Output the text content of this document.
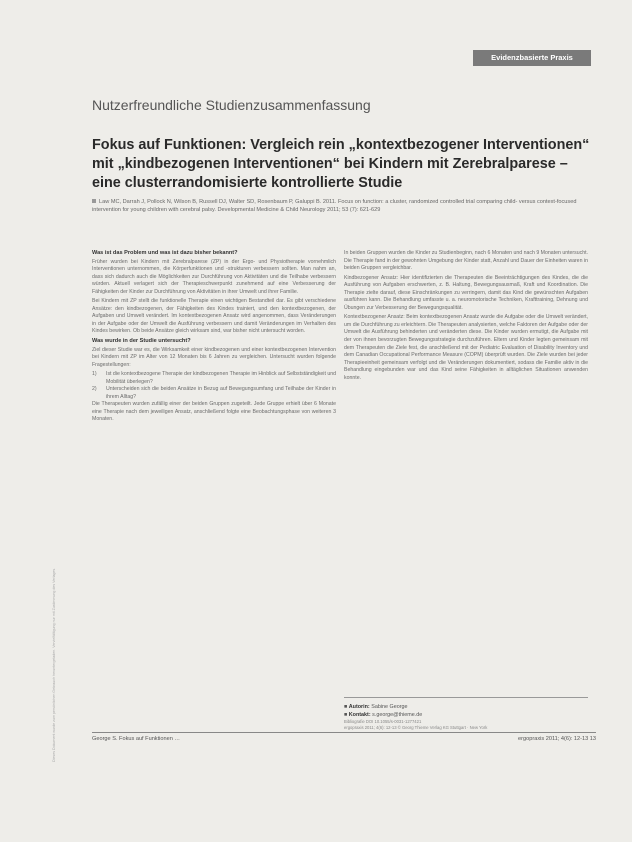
Evidenzbasierte Praxis
Dieses Dokument wurde zum persönlichen Gebrauch heruntergeladen. Vervielfältigung nur mit Zustimmung des Verlages.
Nutzerfreundliche Studienzusammenfassung
Fokus auf Funktionen: Vergleich rein „kontextbezogener Interventionen“ mit „kindbezogenen Interventionen“ bei Kindern mit Zerebralparese – eine clusterrandomisierte kontrollierte Studie
Law MC, Darrah J, Pollock N, Wilson B, Russell DJ, Walter SD, Rosenbaum P, Galuppi B. 2011. Focus on function: a cluster, randomized controlled trial comparing child- versus context-focused intervention for young children with cerebral palsy. Developmental Medicine & Child Neurology 2011; 53 (7): 621-629
Was ist das Problem und was ist dazu bisher bekannt?

Früher wurden bei Kindern mit Zerebralparese (ZP) in der Ergo- und Physiotherapie vornehmlich Interventionen unternommen, die Körperfunktionen und -strukturen verbessern sollten. Man nahm an, dass sich dadurch auch die Möglichkeiten zur Durchführung von Aktivitäten und die Teilhabe verbessern würden. Aktuell verlagert sich der Therapieschwerpunkt zunehmend auf eine Verbesserung der Fähigkeiten der Kinder zur Durchführung von Aktivitäten in ihrer Umwelt und ihrer Familie.

Bei Kindern mit ZP stellt die funktionelle Therapie einen wichtigen Bestandteil dar. Es gibt verschiedene Ansätze: den kindbezogenen, der Fähigkeiten des Kindes trainiert, und den kontextbezogenen, der Aufgaben und Umwelt verändert. Im kontextbezogenen Ansatz wird angenommen, dass Veränderungen in der Aufgabe oder der Umwelt die Ausführung verbessern und damit Veränderungen im Verhalten des Kindes bewirken. Ob beide Ansätze gleich wirksam sind, war bisher nicht untersucht worden.

Was wurde in der Studie untersucht?

Ziel dieser Studie war es, die Wirksamkeit einer kindbezogenen und einer kontextbezogenen Intervention bei Kindern mit ZP im Alter von 12 Monaten bis 6 Jahren zu vergleichen. Untersucht wurden folgende Fragestellungen:

1)	Ist die kontextbezogene Therapie der kindbezogenen Therapie im Hinblick auf Selbstständigkeit und Mobilität überlegen?
2)	Unterscheiden sich die beiden Ansätze in Bezug auf Bewegungsumfang und Teilhabe der Kinder in ihrem Alltag?

Die Therapeuten wurden zufällig einer der beiden Gruppen zugeteilt. Jede Gruppe erhielt über 6 Monate eine Therapie nach dem jeweiligen Ansatz, anschließend folgte eine Beobachtungsphase von weiteren 3 Monaten.

In beiden Gruppen wurden die Kinder zu Studienbeginn, nach 6 Monaten und nach 9 Monaten untersucht. Die Therapie fand in der gewohnten Umgebung der Kinder statt, Anzahl und Dauer der Einheiten waren in beiden Gruppen vergleichbar.

Kindbezogener Ansatz: Hier identifizierten die Therapeuten die Beeinträchtigungen des Kindes, die die Ausführung von Aufgaben erschwerten, z. B. Haltung, Bewegungsausmaß, Kraft und Koordination. Die Therapie zielte darauf, diese Einschränkungen zu verringern, damit das Kind die gewünschten Aufgaben ausführen kann. Die Behandlung umfasste u. a. neuromotorische Techniken, Krafttraining, Dehnung und Übungen zur Verbesserung der Bewegungsqualität.

Kontextbezogener Ansatz: Beim kontextbezogenen Ansatz wurde die Aufgabe oder die Umwelt verändert, um die Durchführung zu erleichtern. Die Therapeuten analysierten, welche Faktoren der Aufgabe oder der Umwelt die Ausführung behinderten und veränderten diese. Die Kinder wurden ermutigt, die Aufgabe mit der von ihnen bevorzugten Bewegungsstrategie durchzuführen. Eltern und Kinder legten gemeinsam mit dem Therapeuten die Ziele fest, die anschließend mit der Pediatric Evaluation of Disability Inventory und dem Canadian Occupational Performance Measure (COPM) überprüft wurden. Die Ziele wurden bei jeder Therapieeinheit gemeinsam verfolgt und die Veränderungen dokumentiert, sodass die Familie aktiv in die Behandlung eingebunden war und das Kind seine Fähigkeiten in alltäglichen Situationen anwenden konnte.

■ Autorin: Sabine George
■ Kontakt: s.george@thieme.de
Bibliografie DOI 10.1055/s-0031-1277421
ergopraxis 2011; 4(6): 12-13 © Georg Thieme Verlag KG Stuttgart · New York
George S. Fokus auf Funktionen …	ergopraxis 2011; 4(6): 12-13 13
